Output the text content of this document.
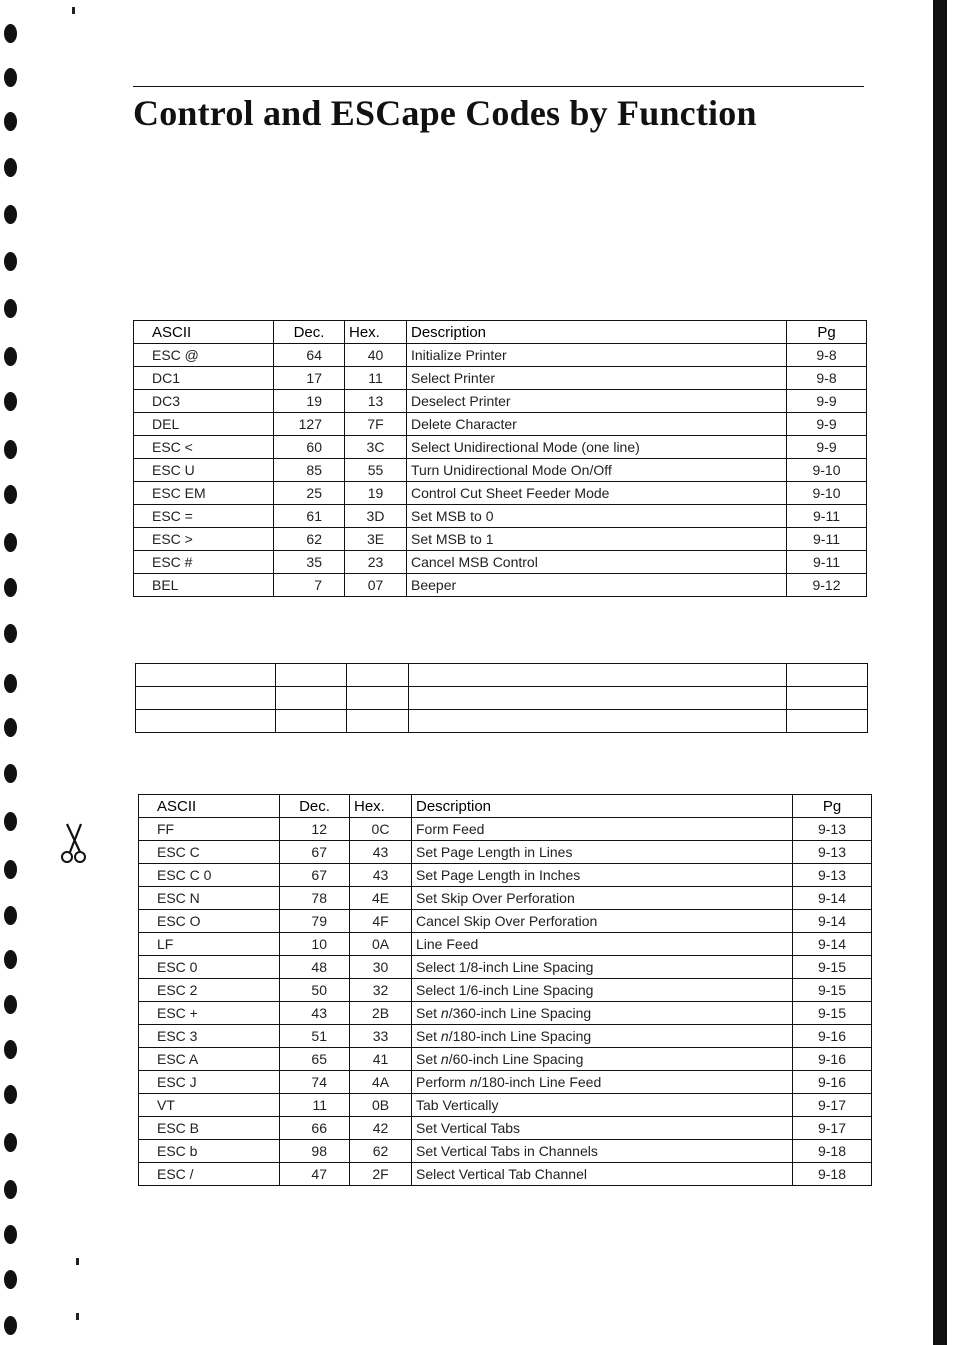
Control and ESCape Codes by Function
ASCII	Dec.	Hex.	Description	Pg
ESC @	64	40	Initialize Printer	9-8
DC1	17	11	Select Printer	9-8
DC3	19	13	Deselect Printer	9-9
DEL	127	7F	Delete Character	9-9
ESC <	60	3C	Select Unidirectional Mode (one line)	9-9
ESC U	85	55	Turn Unidirectional Mode On/Off	9-10
ESC EM	25	19	Control Cut Sheet Feeder Mode	9-10
ESC =	61	3D	Set MSB to 0	9-11
ESC >	62	3E	Set MSB to 1	9-11
ESC #	35	23	Cancel MSB Control	9-11
BEL	7	07	Beeper	9-12

ASCII	Dec.	Hex.	Description	Pg
FF	12	0C	Form Feed	9-13
ESC C	67	43	Set Page Length in Lines	9-13
ESC C 0	67	43	Set Page Length in Inches	9-13
ESC N	78	4E	Set Skip Over Perforation	9-14
ESC O	79	4F	Cancel Skip Over Perforation	9-14
LF	10	0A	Line Feed	9-14
ESC 0	48	30	Select 1/8-inch Line Spacing	9-15
ESC 2	50	32	Select 1/6-inch Line Spacing	9-15
ESC +	43	2B	Set n/360-inch Line Spacing	9-15
ESC 3	51	33	Set n/180-inch Line Spacing	9-16
ESC A	65	41	Set n/60-inch Line Spacing	9-16
ESC J	74	4A	Perform n/180-inch Line Feed	9-16
VT	11	0B	Tab Vertically	9-17
ESC B	66	42	Set Vertical Tabs	9-17
ESC b	98	62	Set Vertical Tabs in Channels	9-18
ESC /	47	2F	Select Vertical Tab Channel	9-18
